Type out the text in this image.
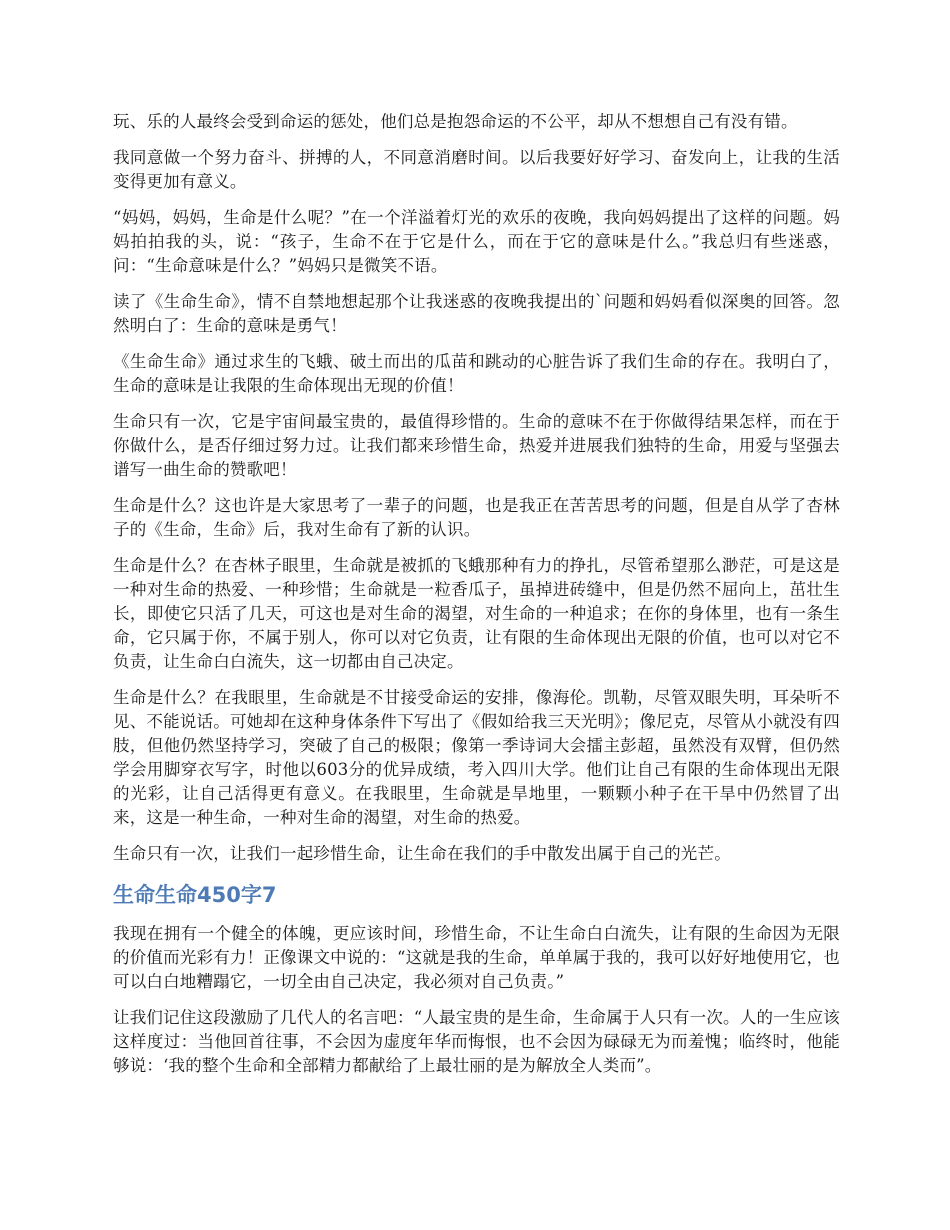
玩、乐的人最终会受到命运的惩处，他们总是抱怨命运的不公平，却从不想想自己有没有错。

我同意做一个努力奋斗、拼搏的人，不同意消磨时间。以后我要好好学习、奋发向上，让我的生活变得更加有意义。

“妈妈，妈妈，生命是什么呢？”在一个洋溢着灯光的欢乐的夜晚，我向妈妈提出了这样的问题。妈妈拍拍我的头，说：“孩子，生命不在于它是什么，而在于它的意味是什么。”我总归有些迷惑，问：“生命意味是什么？”妈妈只是微笑不语。

读了《生命生命》，情不自禁地想起那个让我迷惑的夜晚我提出的`问题和妈妈看似深奥的回答。忽然明白了：生命的意味是勇气！

《生命生命》通过求生的飞蛾、破土而出的瓜苗和跳动的心脏告诉了我们生命的存在。我明白了，生命的意味是让我限的生命体现出无现的价值！

生命只有一次，它是宇宙间最宝贵的，最值得珍惜的。生命的意味不在于你做得结果怎样，而在于你做什么，是否仔细过努力过。让我们都来珍惜生命，热爱并进展我们独特的生命，用爱与坚强去谱写一曲生命的赞歌吧！

生命是什么？这也许是大家思考了一辈子的问题，也是我正在苦苦思考的问题，但是自从学了杏林子的《生命，生命》后，我对生命有了新的认识。

生命是什么？在杏林子眼里，生命就是被抓的飞蛾那种有力的挣扎，尽管希望那么渺茫，可是这是一种对生命的热爱、一种珍惜；生命就是一粒香瓜子，虽掉进砖缝中，但是仍然不屈向上，茁壮生长，即使它只活了几天，可这也是对生命的渴望，对生命的一种追求；在你的身体里，也有一条生命，它只属于你，不属于别人，你可以对它负责，让有限的生命体现出无限的价值，也可以对它不负责，让生命白白流失，这一切都由自己决定。

生命是什么？在我眼里，生命就是不甘接受命运的安排，像海伦。凯勒，尽管双眼失明，耳朵听不见、不能说话。可她却在这种身体条件下写出了《假如给我三天光明》；像尼克，尽管从小就没有四肢，但他仍然坚持学习，突破了自己的极限；像第一季诗词大会擂主彭超，虽然没有双臂，但仍然学会用脚穿衣写字，时他以603分的优异成绩，考入四川大学。他们让自己有限的生命体现出无限的光彩，让自己活得更有意义。在我眼里，生命就是旱地里，一颗颗小种子在干旱中仍然冒了出来，这是一种生命，一种对生命的渴望，对生命的热爱。

生命只有一次，让我们一起珍惜生命，让生命在我们的手中散发出属于自己的光芒。

生命生命450字7

我现在拥有一个健全的体魄，更应该时间，珍惜生命，不让生命白白流失，让有限的生命因为无限的价值而光彩有力！正像课文中说的：“这就是我的生命，单单属于我的，我可以好好地使用它，也可以白白地糟蹋它，一切全由自己决定，我必须对自己负责。”

让我们记住这段激励了几代人的名言吧：“人最宝贵的是生命，生命属于人只有一次。人的一生应该这样度过：当他回首往事，不会因为虚度年华而悔恨，也不会因为碌碌无为而羞愧；临终时，他能够说：‘我的整个生命和全部精力都献给了上最壮丽的是为解放全人类而”。
